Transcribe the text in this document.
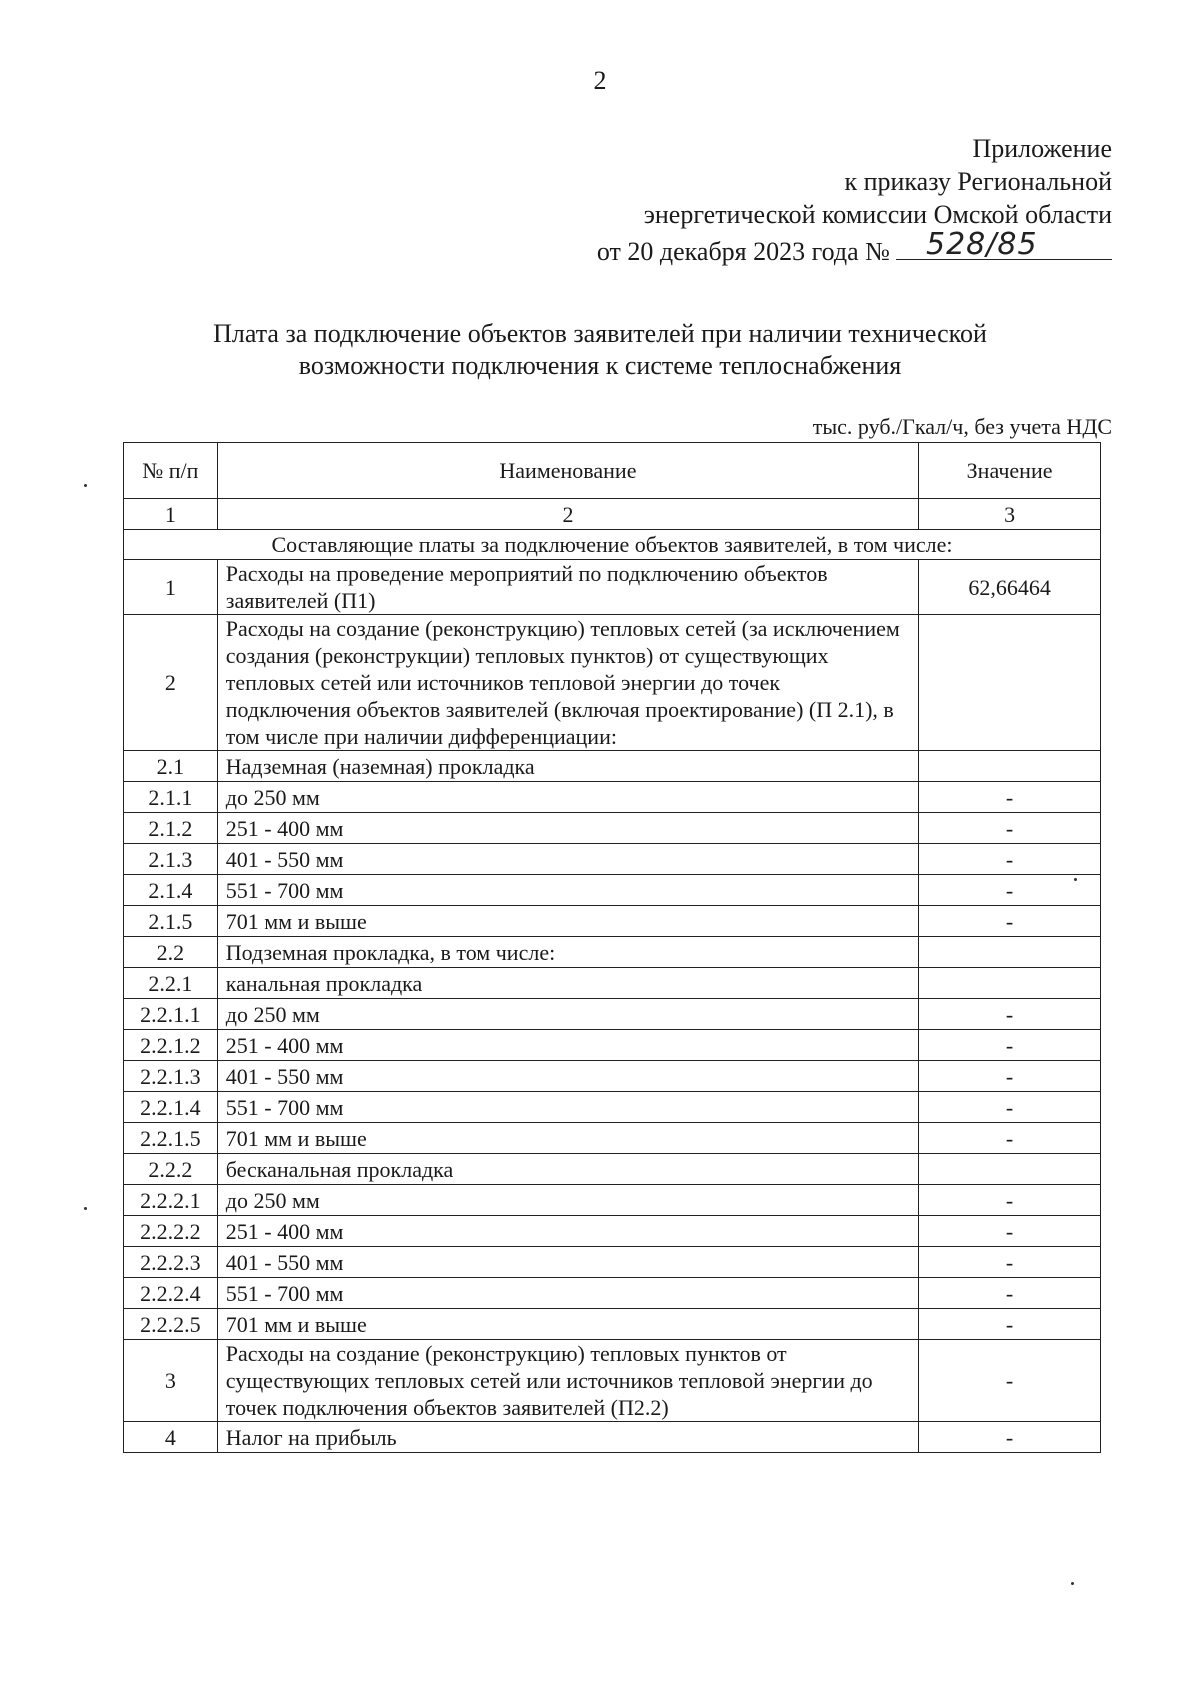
2
Приложение
к приказу Региональной
энергетической комиссии Омской области
от 20 декабря 2023 года № 528/85
Плата за подключение объектов заявителей при наличии технической
возможности подключения к системе теплоснабжения
тыс. руб./Гкал/ч, без учета НДС
№ п/п	Наименование	Значение
1	2	3
Составляющие платы за подключение объектов заявителей, в том числе:		
1	Расходы на проведение мероприятий по подключению объектов заявителей (П1)	62,66464
2	Расходы на создание (реконструкцию) тепловых сетей (за исключением создания (реконструкции) тепловых пунктов) от существующих тепловых сетей или источников тепловой энергии до точек подключения объектов заявителей (включая проектирование) (П 2.1), в том числе при наличии дифференциации:	
2.1	Надземная (наземная) прокладка	
2.1.1	до 250 мм	-
2.1.2	251 - 400 мм	-
2.1.3	401 - 550 мм	-
2.1.4	551 - 700 мм	-
2.1.5	701 мм и выше	-
2.2	Подземная прокладка, в том числе:	
2.2.1	канальная прокладка	
2.2.1.1	до 250 мм	-
2.2.1.2	251 - 400 мм	-
2.2.1.3	401 - 550 мм	-
2.2.1.4	551 - 700 мм	-
2.2.1.5	701 мм и выше	-
2.2.2	бесканальная прокладка	
2.2.2.1	до 250 мм	-
2.2.2.2	251 - 400 мм	-
2.2.2.3	401 - 550 мм	-
2.2.2.4	551 - 700 мм	-
2.2.2.5	701 мм и выше	-
3	Расходы на создание (реконструкцию) тепловых пунктов от существующих тепловых сетей или источников тепловой энергии до точек подключения объектов заявителей (П2.2)	-
4	Налог на прибыль	-
